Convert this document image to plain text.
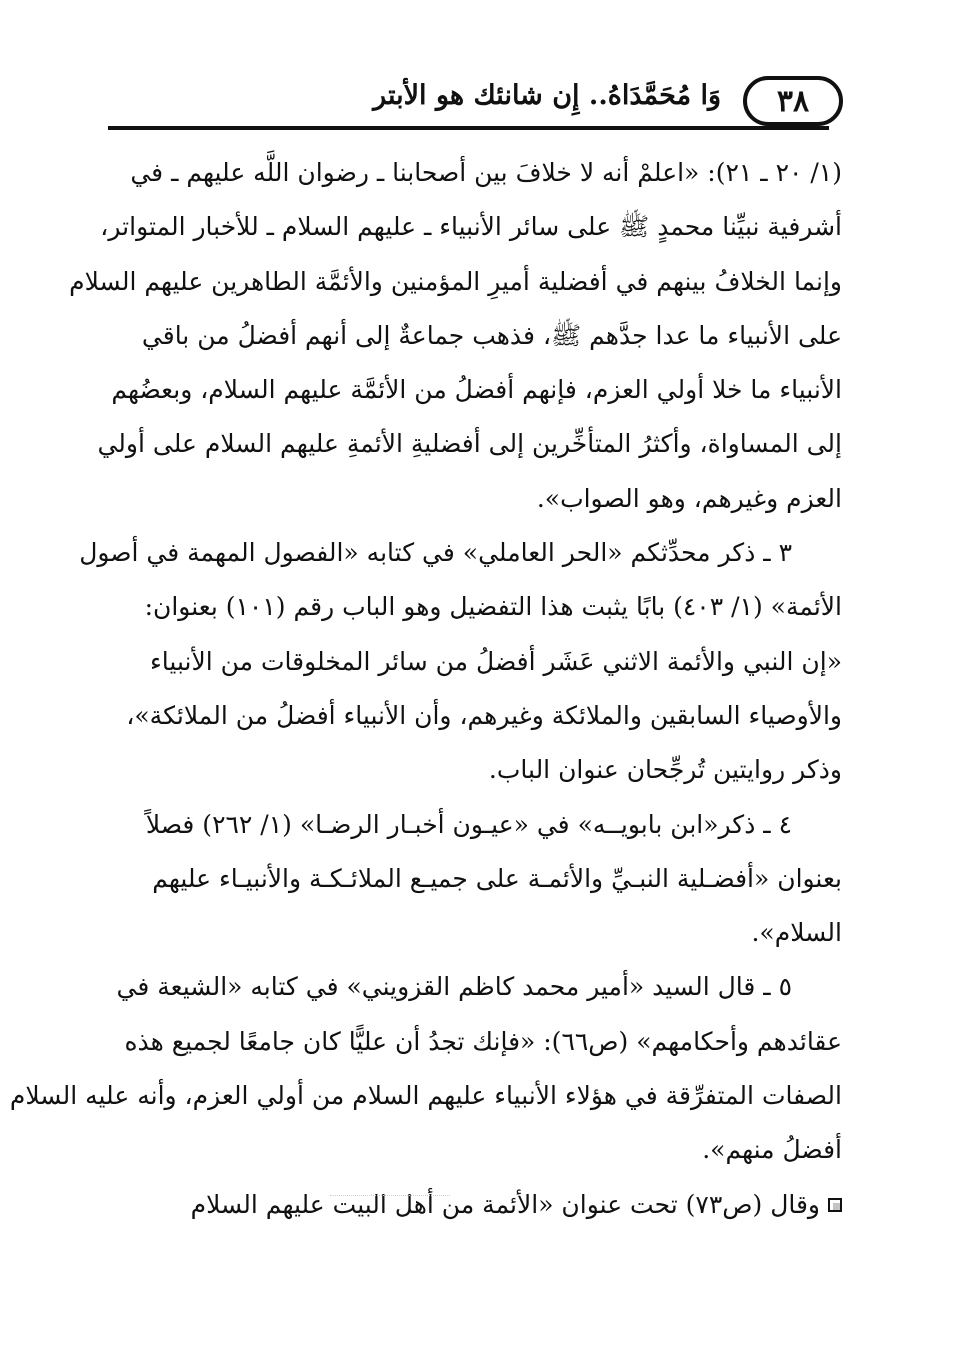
وَا مُحَمَّدَاهُ.. إِن شانئك هو الأبتر ٣٨
(١/ ٢٠ ـ ٢١): «اعلمْ أنه لا خلافَ بين أصحابنا ـ رضوان اللَّه عليهم ـ في
أشرفية نبيِّنا محمدٍ ﷺ على سائر الأنبياء ـ عليهم السلام ـ للأخبار المتواتر،
وإنما الخلافُ بينهم في أفضلية أميرِ المؤمنين والأئمَّة الطاهرين عليهم السلام
على الأنبياء ما عدا جدَّهم ﷺ، فذهب جماعةٌ إلى أنهم أفضلُ من باقي
الأنبياء ما خلا أولي العزم، فإنهم أفضلُ من الأئمَّة عليهم السلام، وبعضُهم
إلى المساواة، وأكثرُ المتأخِّرين إلى أفضليةِ الأئمةِ عليهم السلام على أولي
العزم وغيرهم، وهو الصواب».
٣ ـ ذكر محدِّثكم «الحر العاملي» في كتابه «الفصول المهمة في أصول
الأئمة» (١/ ٤٠٣) بابًا يثبت هذا التفضيل وهو الباب رقم (١٠١) بعنوان:
«إن النبي والأئمة الاثني عَشَر أفضلُ من سائر المخلوقات من الأنبياء
والأوصياء السابقين والملائكة وغيرهم، وأن الأنبياء أفضلُ من الملائكة»،
وذكر روايتين تُرجِّحان عنوان الباب.
٤ ـ ذكر«ابن بابويــه» في «عيـون أخبـار الرضـا» (١/ ٢٦٢) فصلاً
بعنوان «أفضـلية النبـيِّ والأئمـة على جميـع الملائـكـة والأنبيـاء عليهم
السلام».
٥ ـ قال السيد «أمير محمد كاظم القزويني» في كتابه «الشيعة في
عقائدهم وأحكامهم» (ص٦٦): «فإنك تجدُ أن عليًّا كان جامعًا لجميع هذه
الصفات المتفرِّقة في هؤلاء الأنبياء عليهم السلام من أولي العزم، وأنه عليه السلام
أفضلُ منهم».
وقال (ص٧٣) تحت عنوان «الأئمة من أهل البيت عليهم السلام
